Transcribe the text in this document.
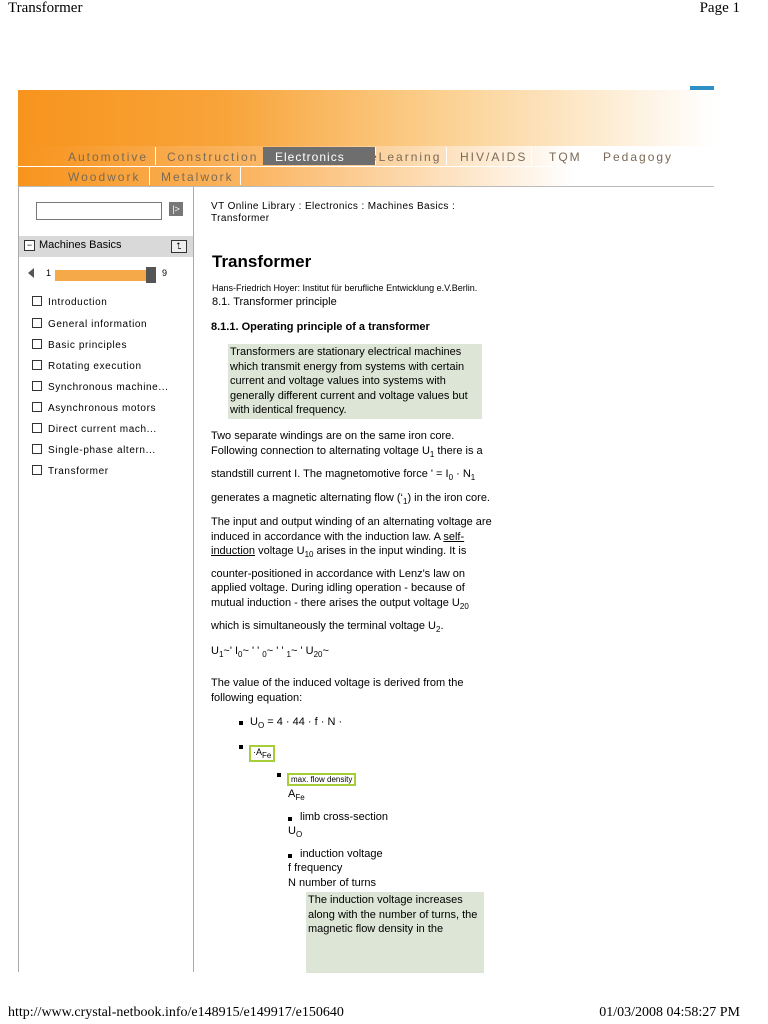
Transformer	Page 1
http://www.crystal-netbook.info/e148915/e149917/e150640	01/03/2008 04:58:27 PM
Automotive Construction Electronics eLearning HIV/AIDS TQM Pedagogy
Woodwork Metalwork
|>
− Machines Basics	⮤
1	9
Introduction
General information
Basic principles
Rotating execution
Synchronous machine...
Asynchronous motors
Direct current mach...
Single-phase altern...
Transformer
VT Online Library : Electronics : Machines Basics : Transformer
Transformer
Hans-Friedrich Hoyer: Institut für berufliche Entwicklung e.V.Berlin.
8.1. Transformer principle
8.1.1. Operating principle of a transformer
Transformers are stationary electrical machines which transmit energy from systems with certain current and voltage values into systems with generally different current and voltage values but with identical frequency.
Two separate windings are on the same iron core.
Following connection to alternating voltage $U_1$ there is a
standstill current I. The magnetomotive force ' = $I_0 \cdot N_1$
generates a magnetic alternating flow $(‘_1)$ in the iron core.
The input and output winding of an alternating voltage are
induced in accordance with the induction law. A self-
induction voltage $U_{10}$ arises in the input winding. It is
counter-positioned in accordance with Lenz's law on
applied voltage. During idling operation - because of
mutual induction - there arises the output voltage $U_{20}$
which is simultaneously the terminal voltage $U_2$.
$U_1\sim'$ $I_0\sim$ ' ' $_0$~ ' ' $_1$~ ' $U_{20}\sim$
The value of the induced voltage is derived from the following equation:
$U_O = 4 \cdot 44 \cdot f \cdot N$ ·
·AFe
max. flow density
$A_{Fe}$
limb cross-section
$U_O$
induction voltage
f frequency
N number of turns
The induction voltage increases along with the number of turns, the magnetic flow density in the
